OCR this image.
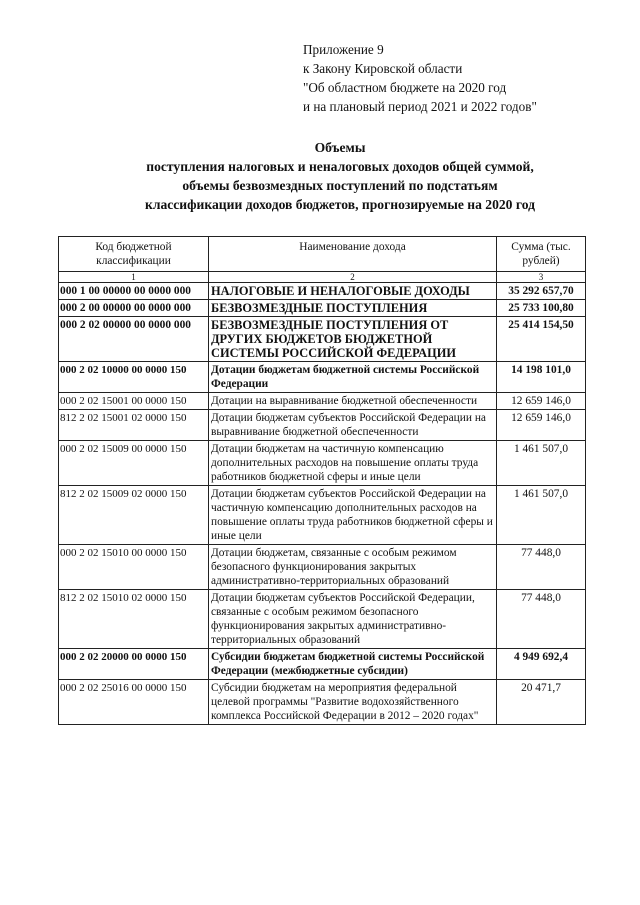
Приложение 9
к Закону Кировской области
"Об областном бюджете на 2020 год
и на плановый период 2021 и 2022 годов"
Объемы
поступления налоговых и неналоговых доходов общей суммой,
объемы безвозмездных поступлений по подстатьям
классификации доходов бюджетов, прогнозируемые на 2020 год
Код бюджетной классификации	Наименование дохода	Сумма (тыс. рублей)
1	2	3
000 1 00 00000 00 0000 000	НАЛОГОВЫЕ И НЕНАЛОГОВЫЕ ДОХОДЫ	35 292 657,70
000 2 00 00000 00 0000 000	БЕЗВОЗМЕЗДНЫЕ ПОСТУПЛЕНИЯ	25 733 100,80
000 2 02 00000 00 0000 000	БЕЗВОЗМЕЗДНЫЕ ПОСТУПЛЕНИЯ ОТ ДРУГИХ БЮДЖЕТОВ БЮДЖЕТНОЙ СИСТЕМЫ РОССИЙСКОЙ ФЕДЕРАЦИИ	25 414 154,50
000 2 02 10000 00 0000 150	Дотации бюджетам бюджетной системы Российской Федерации	14 198 101,0
000 2 02 15001 00 0000 150	Дотации на выравнивание бюджетной обеспеченности	12 659 146,0
812 2 02 15001 02 0000 150	Дотации бюджетам субъектов Российской Федерации на выравнивание бюджетной обеспеченности	12 659 146,0
000 2 02 15009 00 0000 150	Дотации бюджетам на частичную компенсацию дополнительных расходов на повышение оплаты труда работников бюджетной сферы и иные цели	1 461 507,0
812 2 02 15009 02 0000 150	Дотации бюджетам субъектов Российской Федерации на частичную компенсацию дополнительных расходов на повышение оплаты труда работников бюджетной сферы и иные цели	1 461 507,0
000 2 02 15010 00 0000 150	Дотации бюджетам, связанные с особым режимом безопасного функционирования закрытых административно-территориальных образований	77 448,0
812 2 02 15010 02 0000 150	Дотации бюджетам субъектов Российской Федерации, связанные с особым режимом безопасного функционирования закрытых административно-территориальных образований	77 448,0
000 2 02 20000 00 0000 150	Субсидии бюджетам бюджетной системы Российской Федерации (межбюджетные субсидии)	4 949 692,4
000 2 02 25016 00 0000 150	Субсидии бюджетам на мероприятия федеральной целевой программы "Развитие водохозяйственного комплекса Российской Федерации в 2012 – 2020 годах"	20 471,7
